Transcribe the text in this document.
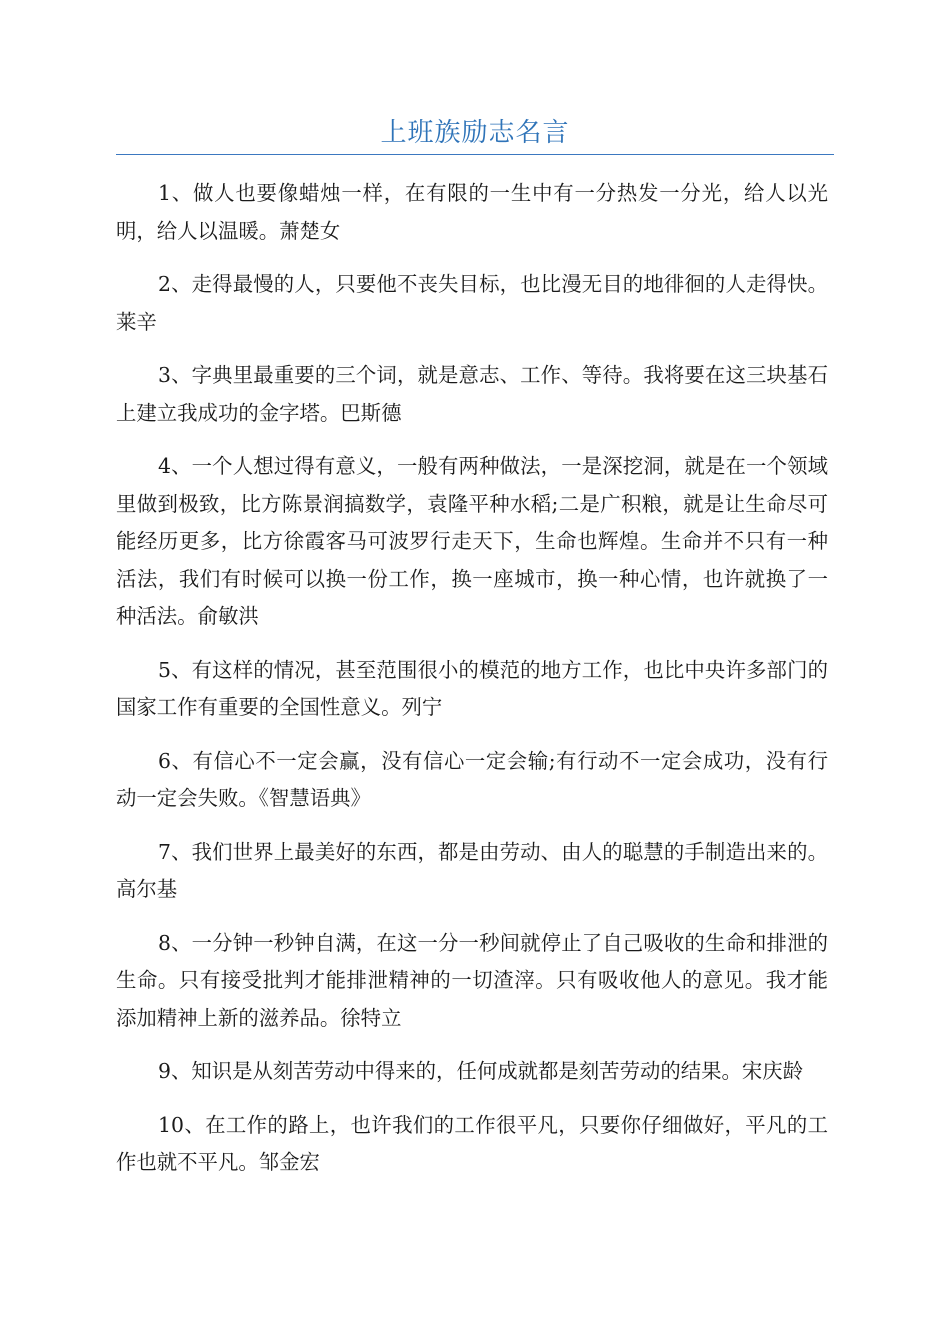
上班族励志名言

1、做人也要像蜡烛一样，在有限的一生中有一分热发一分光，给人以光明，给人以温暖。萧楚女

2、走得最慢的人，只要他不丧失目标，也比漫无目的地徘徊的人走得快。莱辛

3、字典里最重要的三个词，就是意志、工作、等待。我将要在这三块基石上建立我成功的金字塔。巴斯德

4、一个人想过得有意义，一般有两种做法，一是深挖洞，就是在一个领域里做到极致，比方陈景润搞数学，袁隆平种水稻;二是广积粮，就是让生命尽可能经历更多，比方徐霞客马可波罗行走天下，生命也辉煌。生命并不只有一种活法，我们有时候可以换一份工作，换一座城市，换一种心情，也许就换了一种活法。俞敏洪

5、有这样的情况，甚至范围很小的模范的地方工作，也比中央许多部门的国家工作有重要的全国性意义。列宁

6、有信心不一定会赢，没有信心一定会输;有行动不一定会成功，没有行动一定会失败。《智慧语典》

7、我们世界上最美好的东西，都是由劳动、由人的聪慧的手制造出来的。高尔基

8、一分钟一秒钟自满，在这一分一秒间就停止了自己吸收的生命和排泄的生命。只有接受批判才能排泄精神的一切渣滓。只有吸收他人的意见。我才能添加精神上新的滋养品。徐特立

9、知识是从刻苦劳动中得来的，任何成就都是刻苦劳动的结果。宋庆龄

10、在工作的路上，也许我们的工作很平凡，只要你仔细做好，平凡的工作也就不平凡。邹金宏
